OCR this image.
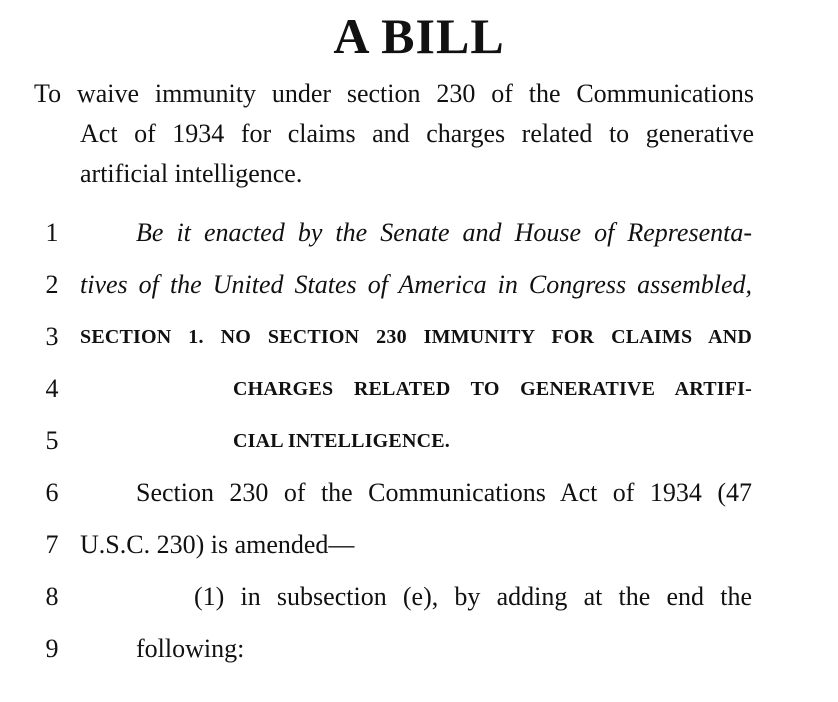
A BILL
To waive immunity under section 230 of the Communications
Act of 1934 for claims and charges related to generative
artificial intelligence.
1	Be it enacted by the Senate and House of Representa-
2 tives of the United States of America in Congress assembled,
3	SECTION 1. NO SECTION 230 IMMUNITY FOR CLAIMS AND
4	CHARGES RELATED TO GENERATIVE ARTIFI-
5	CIAL INTELLIGENCE.
6	Section 230 of the Communications Act of 1934 (47
7 U.S.C. 230) is amended—
8	(1) in subsection (e), by adding at the end the
9	following:
